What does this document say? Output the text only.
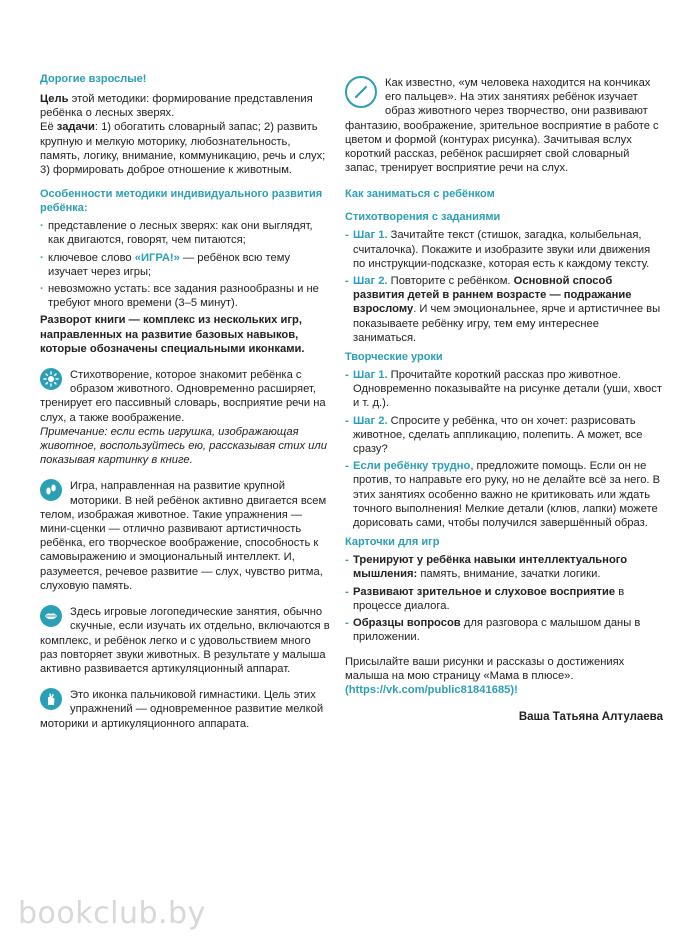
Дорогие взрослые!

Цель этой методики: формирование представления ребёнка о лесных зверях.

Её задачи: 1) обогатить словарный запас; 2) развить крупную и мелкую моторику, любознательность, память, логику, внимание, коммуникацию, речь и слух; 3) формировать доброе отношение к животным.

Особенности методики индивидуального развития ребёнка:

· представление о лесных зверях: как они выглядят, как двигаются, говорят, чем питаются;
· ключевое слово «ИГРА!» — ребёнок всю тему изучает через игры;
· невозможно устать: все задания разнообразны и не требуют много времени (3–5 минут).

Разворот книги — комплекс из нескольких игр, направленных на развитие базовых навыков, которые обозначены специальными иконками.

Стихотворение, которое знакомит ребёнка с образом животного. Одновременно расширяет, тренирует его пассивный словарь, восприятие речи на слух, а также воображение.

Примечание: если есть игрушка, изображающая животное, воспользуйтесь ею, рассказывая стих или показывая картинку в книге.

Игра, направленная на развитие крупной моторики. В ней ребёнок активно двигается всем телом, изображая животное. Такие упражнения — мини-сценки — отлично развивают артистичность ребёнка, его творческое воображение, способность к самовыражению и эмоциональный интеллект. И, разумеется, речевое развитие — слух, чувство ритма, слуховую память.

Здесь игровые логопедические занятия, обычно скучные, если изучать их отдельно, включаются в комплекс, и ребёнок легко и с удовольствием много раз повторяет звуки животных. В результате у малыша активно развивается артикуляционный аппарат.

Это иконка пальчиковой гимнастики. Цель этих упражнений — одновременное развитие мелкой моторики и артикуляционного аппарата.

Как известно, «ум человека находится на кончиках его пальцев». На этих занятиях ребёнок изучает образ животного через творчество, они развивают фантазию, воображение, зрительное восприятие в работе с цветом и формой (контурах рисунка). Зачитывая вслух короткий рассказ, ребёнок расширяет свой словарный запас, тренирует восприятие речи на слух.

Как заниматься с ребёнком

Стихотворения с заданиями

- Шаг 1. Зачитайте текст (стишок, загадка, колыбельная, считалочка). Покажите и изобразите звуки или движения по инструкции-подсказке, которая есть к каждому тексту.
- Шаг 2. Повторите с ребёнком. Основной способ развития детей в раннем возрасте — подражание взрослому. И чем эмоциональнее, ярче и артистичнее вы показываете ребёнку игру, тем ему интереснее заниматься.

Творческие уроки

- Шаг 1. Прочитайте короткий рассказ про животное. Одновременно показывайте на рисунке детали (уши, хвост и т. д.).
- Шаг 2. Спросите у ребёнка, что он хочет: разрисовать животное, сделать аппликацию, полепить. А может, все сразу?
- Если ребёнку трудно, предложите помощь. Если он не против, то направьте его руку, но не делайте всё за него. В этих занятиях особенно важно не критиковать или ждать точного выполнения! Мелкие детали (клюв, лапки) можете дорисовать сами, чтобы получился завершённый образ.

Карточки для игр

- Тренируют у ребёнка навыки интеллектуального мышления: память, внимание, зачатки логики.
- Развивают зрительное и слуховое восприятие в процессе диалога.
- Образцы вопросов для разговора с малышом даны в приложении.

Присылайте ваши рисунки и рассказы о достижениях малыша на мою страницу «Мама в плюсе». (https://vk.com/public81841685)!

Ваша Татьяна Алтулаева

bookclub.by
